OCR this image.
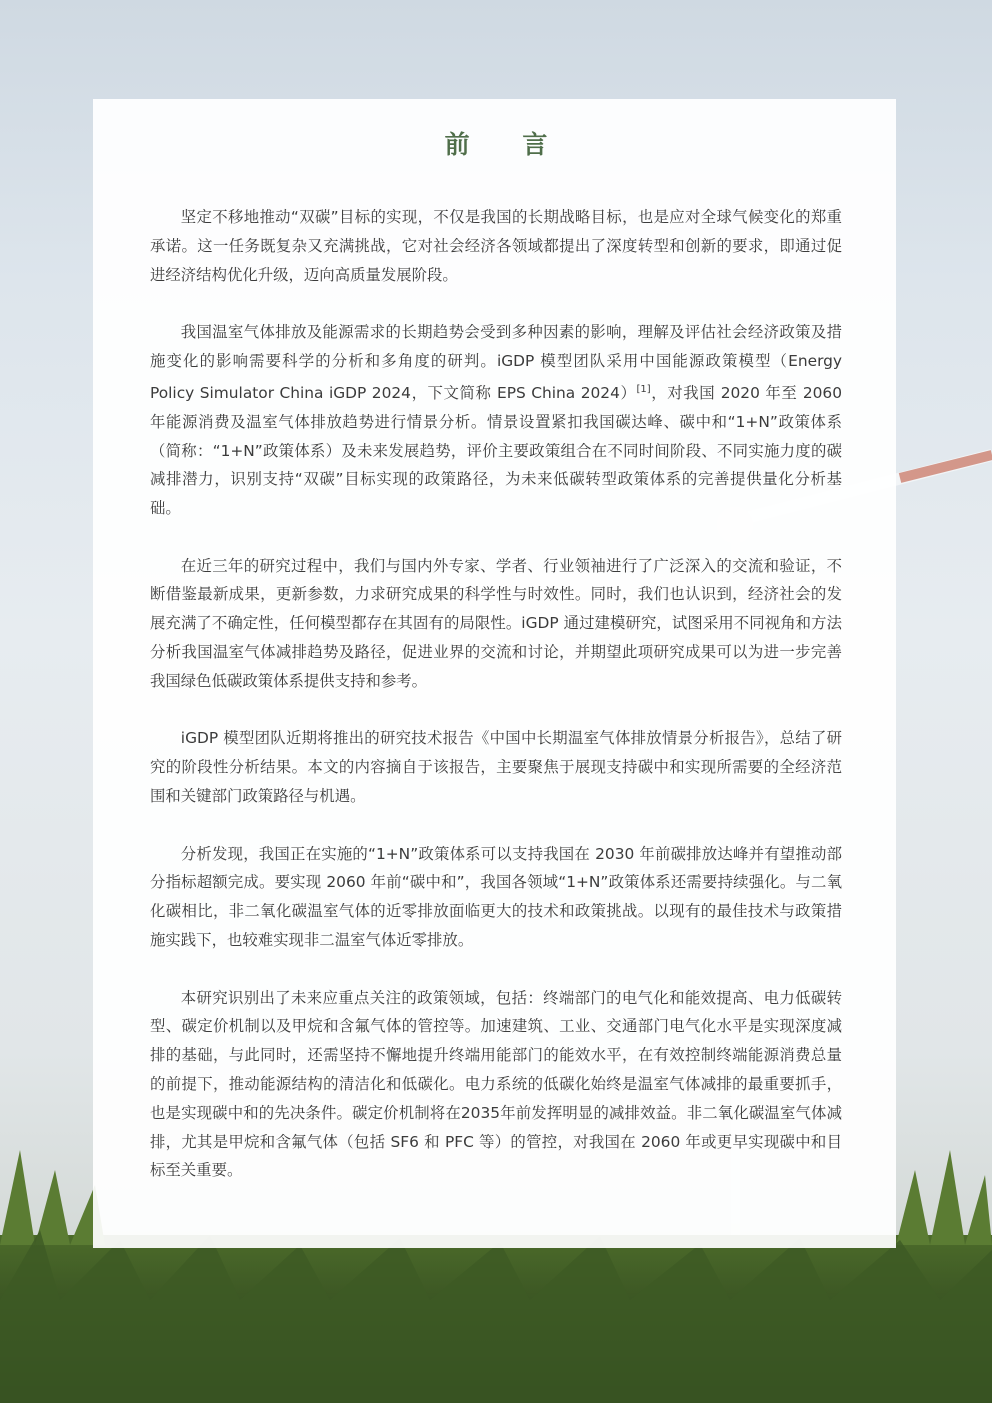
前 言

坚定不移地推动“双碳”目标的实现，不仅是我国的长期战略目标，也是应对全球气候变化的郑重承诺。这一任务既复杂又充满挑战，它对社会经济各领域都提出了深度转型和创新的要求，即通过促进经济结构优化升级，迈向高质量发展阶段。

我国温室气体排放及能源需求的长期趋势会受到多种因素的影响，理解及评估社会经济政策及措施变化的影响需要科学的分析和多角度的研判。iGDP 模型团队采用中国能源政策模型（Energy Policy Simulator China iGDP 2024，下文简称 EPS China 2024）[1]，对我国 2020 年至 2060 年能源消费及温室气体排放趋势进行情景分析。情景设置紧扣我国碳达峰、碳中和“1+N”政策体系（简称：“1+N”政策体系）及未来发展趋势，评价主要政策组合在不同时间阶段、不同实施力度的碳减排潜力，识别支持“双碳”目标实现的政策路径，为未来低碳转型政策体系的完善提供量化分析基础。

在近三年的研究过程中，我们与国内外专家、学者、行业领袖进行了广泛深入的交流和验证，不断借鉴最新成果，更新参数，力求研究成果的科学性与时效性。同时，我们也认识到，经济社会的发展充满了不确定性，任何模型都存在其固有的局限性。iGDP 通过建模研究，试图采用不同视角和方法分析我国温室气体减排趋势及路径，促进业界的交流和讨论，并期望此项研究成果可以为进一步完善我国绿色低碳政策体系提供支持和参考。

iGDP 模型团队近期将推出的研究技术报告《中国中长期温室气体排放情景分析报告》，总结了研究的阶段性分析结果。本文的内容摘自于该报告，主要聚焦于展现支持碳中和实现所需要的全经济范围和关键部门政策路径与机遇。

分析发现，我国正在实施的“1+N”政策体系可以支持我国在 2030 年前碳排放达峰并有望推动部分指标超额完成。要实现 2060 年前“碳中和”，我国各领域“1+N”政策体系还需要持续强化。与二氧化碳相比，非二氧化碳温室气体的近零排放面临更大的技术和政策挑战。以现有的最佳技术与政策措施实践下，也较难实现非二温室气体近零排放。

本研究识别出了未来应重点关注的政策领域，包括：终端部门的电气化和能效提高、电力低碳转型、碳定价机制以及甲烷和含氟气体的管控等。加速建筑、工业、交通部门电气化水平是实现深度减排的基础，与此同时，还需坚持不懈地提升终端用能部门的能效水平，在有效控制终端能源消费总量的前提下，推动能源结构的清洁化和低碳化。电力系统的低碳化始终是温室气体减排的最重要抓手，也是实现碳中和的先决条件。碳定价机制将在2035年前发挥明显的减排效益。非二氧化碳温室气体减排，尤其是甲烷和含氟气体（包括 SF6 和 PFC 等）的管控，对我国在 2060 年或更早实现碳中和目标至关重要。
